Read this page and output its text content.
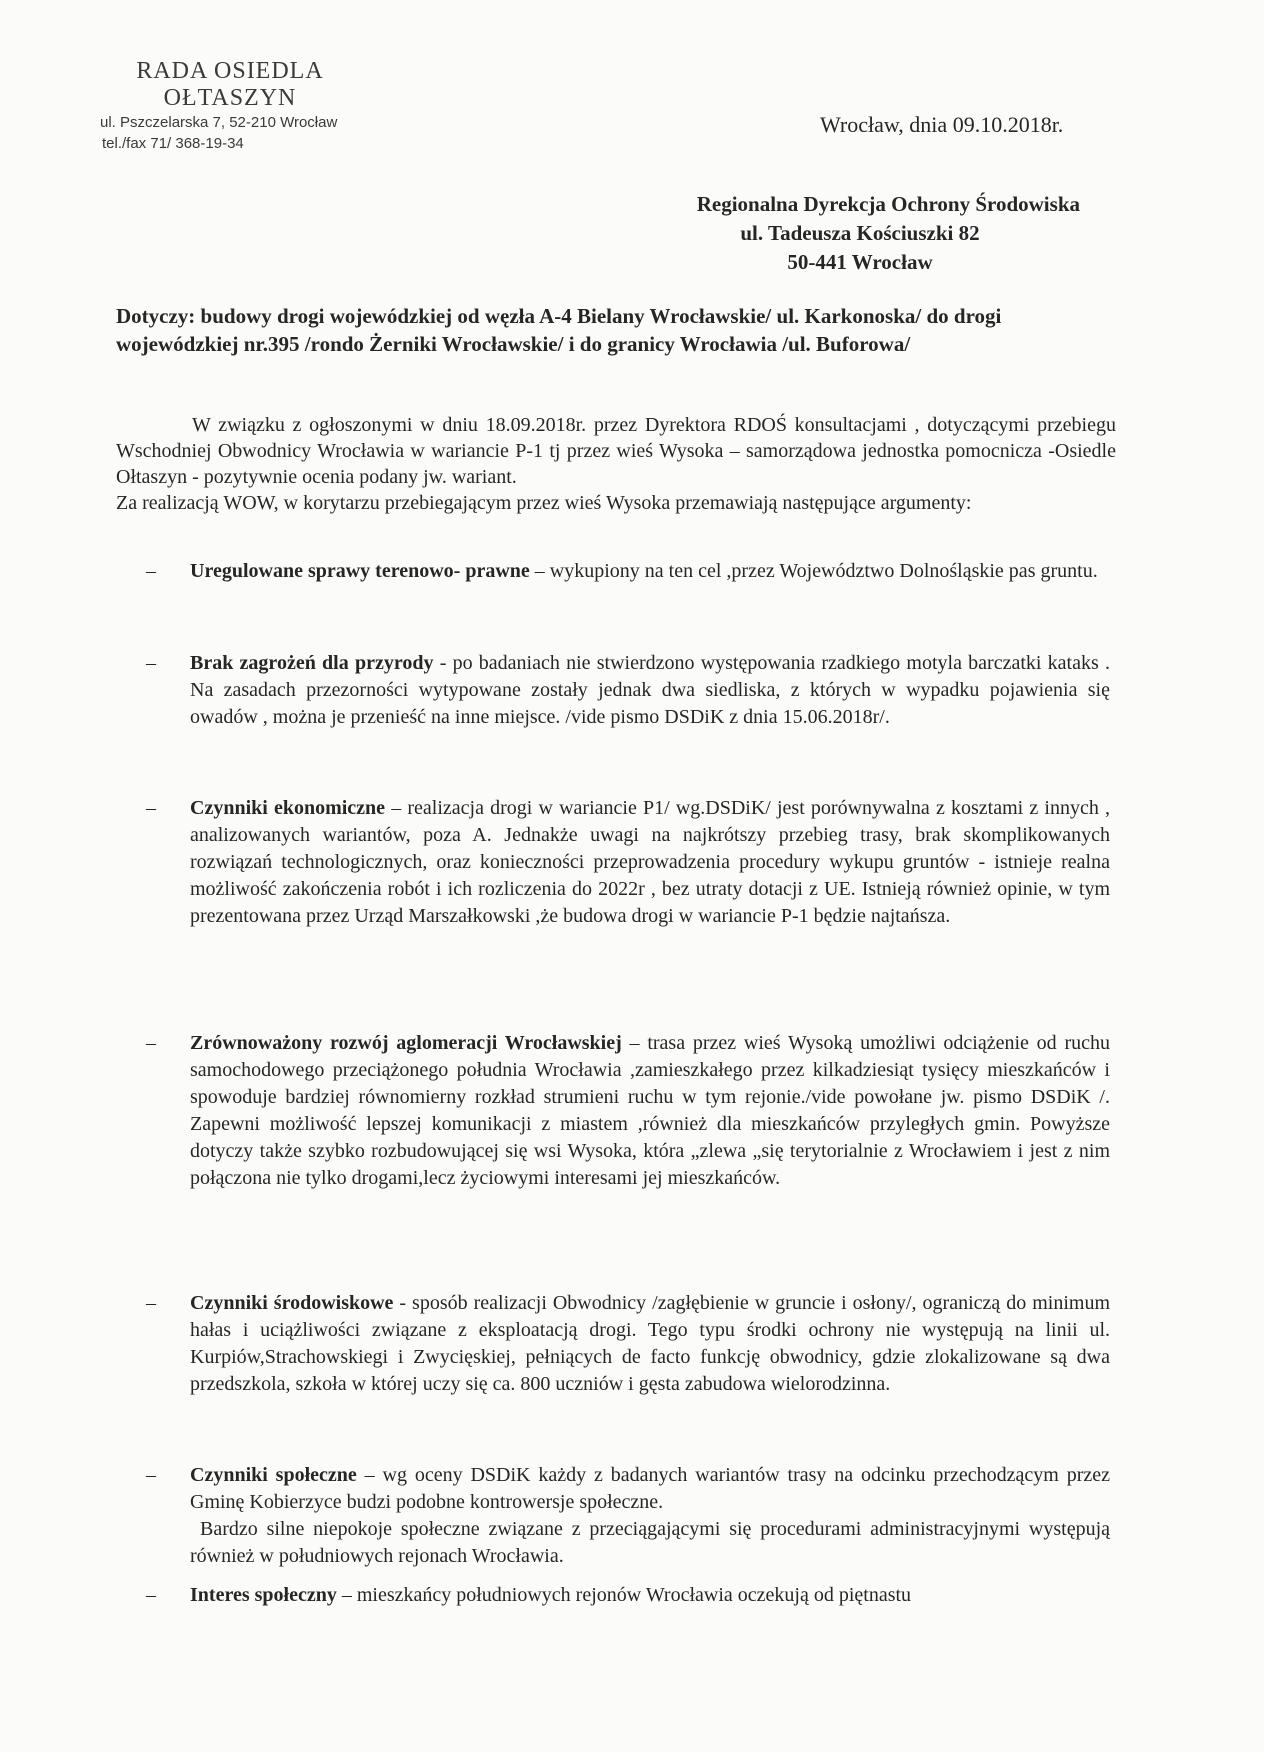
RADA OSIEDLA
OŁTASZYN
ul. Pszczelarska 7, 52-210 Wrocław
tel./fax 71/ 368-19-34
Wrocław, dnia 09.10.2018r.
Regionalna Dyrekcja Ochrony Środowiska
ul. Tadeusza Kościuszki 82
50-441 Wrocław
Dotyczy: budowy drogi wojewódzkiej od węzła A-4 Bielany Wrocławskie/ ul. Karkonoska/ do drogi wojewódzkiej nr.395 /rondo Żerniki Wrocławskie/ i do granicy Wrocławia /ul. Buforowa/

W związku z ogłoszonymi w dniu 18.09.2018r. przez Dyrektora RDOŚ konsultacjami , dotyczącymi przebiegu Wschodniej Obwodnicy Wrocławia w wariancie P-1 tj przez wieś Wysoka – samorządowa jednostka pomocnicza -Osiedle Ołtaszyn - pozytywnie ocenia podany jw. wariant.

Za realizacją WOW, w korytarzu przebiegającym przez wieś Wysoka przemawiają następujące argumenty:

– Uregulowane sprawy terenowo- prawne – wykupiony na ten cel ,przez Województwo Dolnośląskie pas gruntu.

– Brak zagrożeń dla przyrody - po badaniach nie stwierdzono występowania rzadkiego motyla barczatki kataks . Na zasadach przezorności wytypowane zostały jednak dwa siedliska, z których w wypadku pojawienia się owadów , można je przenieść na inne miejsce. /vide pismo DSDiK z dnia 15.06.2018r/.

– Czynniki ekonomiczne – realizacja drogi w wariancie P1/ wg.DSDiK/ jest porównywalna z kosztami z innych , analizowanych wariantów, poza A. Jednakże uwagi na najkrótszy przebieg trasy, brak skomplikowanych rozwiązań technologicznych, oraz konieczności przeprowadzenia procedury wykupu gruntów - istnieje realna możliwość zakończenia robót i ich rozliczenia do 2022r , bez utraty dotacji z UE. Istnieją również opinie, w tym prezentowana przez Urząd Marszałkowski ,że budowa drogi w wariancie P-1 będzie najtańsza.

– Zrównoważony rozwój aglomeracji Wrocławskiej – trasa przez wieś Wysoką umożliwi odciążenie od ruchu samochodowego przeciążonego południa Wrocławia ,zamieszkałego przez kilkadziesiąt tysięcy mieszkańców i spowoduje bardziej równomierny rozkład strumieni ruchu w tym rejonie./vide powołane jw. pismo DSDiK /. Zapewni możliwość lepszej komunikacji z miastem ,również dla mieszkańców przyległych gmin. Powyższe dotyczy także szybko rozbudowującej się wsi Wysoka, która „zlewa „się terytorialnie z Wrocławiem i jest z nim połączona nie tylko drogami,lecz życiowymi interesami jej mieszkańców.

– Czynniki środowiskowe - sposób realizacji Obwodnicy /zagłębienie w gruncie i osłony/, ograniczą do minimum hałas i uciążliwości związane z eksploatacją drogi. Tego typu środki ochrony nie występują na linii ul. Kurpiów,Strachowskiegi i Zwycięskiej, pełniących de facto funkcję obwodnicy, gdzie zlokalizowane są dwa przedszkola, szkoła w której uczy się ca. 800 uczniów i gęsta zabudowa wielorodzinna.

– Czynniki społeczne – wg oceny DSDiK każdy z badanych wariantów trasy na odcinku przechodzącym przez Gminę Kobierzyce budzi podobne kontrowersje społeczne.

Bardzo silne niepokoje społeczne związane z przeciągającymi się procedurami administracyjnymi występują również w południowych rejonach Wrocławia.

– Interes społeczny – mieszkańcy południowych rejonów Wrocławia oczekują od piętnastu
